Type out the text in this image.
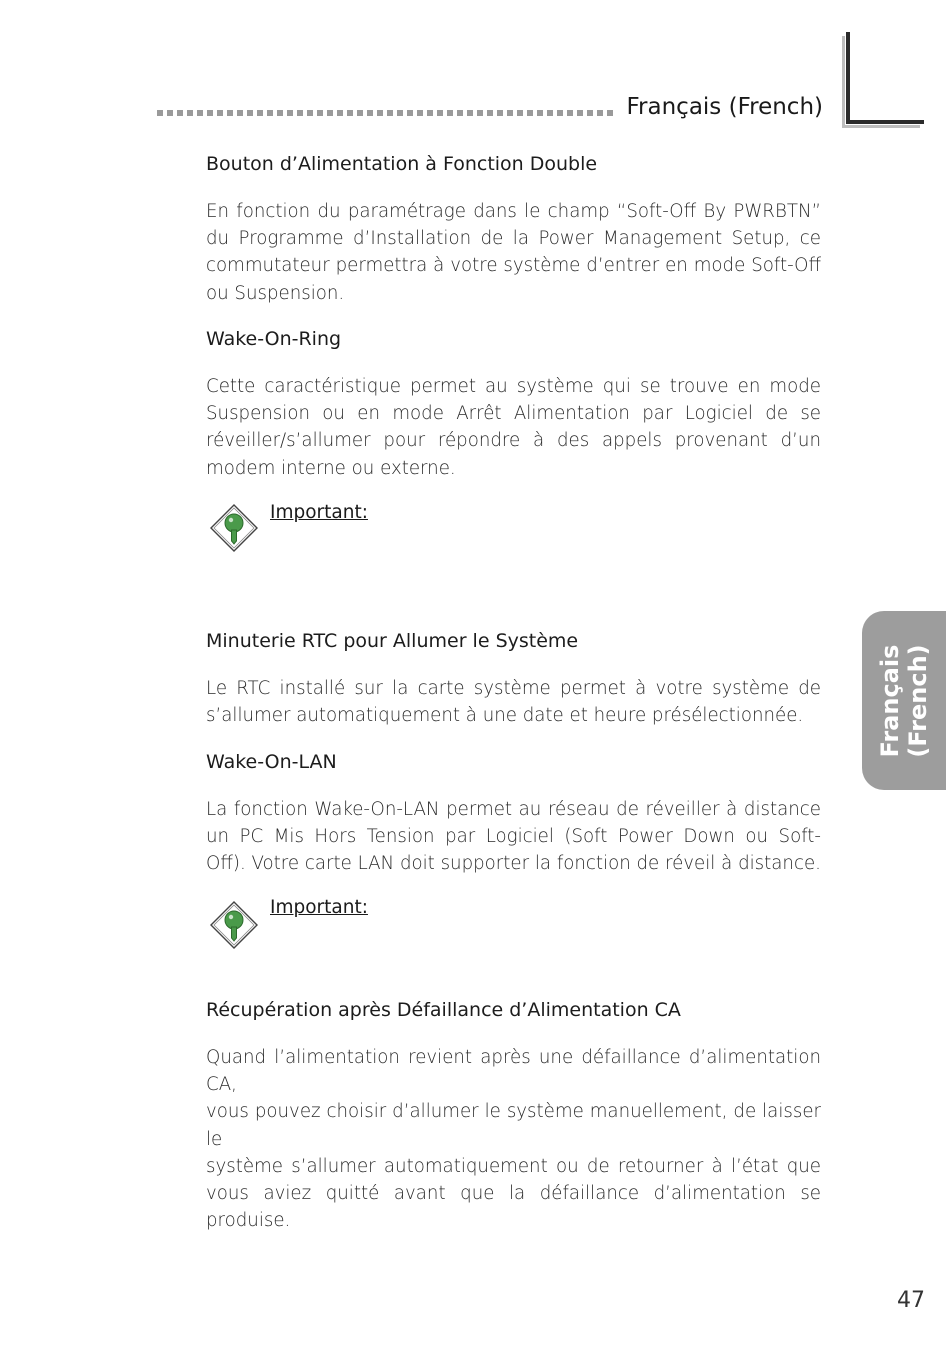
Français (French)
Bouton d’Alimentation à Fonction Double
En fonction du paramétrage dans le champ “Soft-Off By PWRBTN”
du Programme d’Installation de la Power Management Setup, ce
commutateur permettra à votre système d’entrer en mode Soft-Off
ou Suspension.
Wake-On-Ring
Cette caractéristique permet au système qui se trouve en mode
Suspension ou en mode Arrêt Alimentation par Logiciel de se
réveiller/s’allumer pour répondre à des appels provenant d’un
modem interne ou externe.
Important:
Minuterie RTC pour Allumer le Système
Le RTC installé sur la carte système permet à votre système de
s’allumer automatiquement à une date et heure présélectionnée.
Wake-On-LAN
La fonction Wake-On-LAN permet au réseau de réveiller à distance
un PC Mis Hors Tension par Logiciel (Soft Power Down ou Soft-
Off). Votre carte LAN doit supporter la fonction de réveil à distance.
Important:
Récupération après Défaillance d’Alimentation CA
Quand l’alimentation revient après une défaillance d’alimentation CA,
vous pouvez choisir d’allumer le système manuellement, de laisser le
système s’allumer automatiquement ou de retourner à l’état que
vous aviez quitté avant que la défaillance d’alimentation se produise.
Français (French)
47
